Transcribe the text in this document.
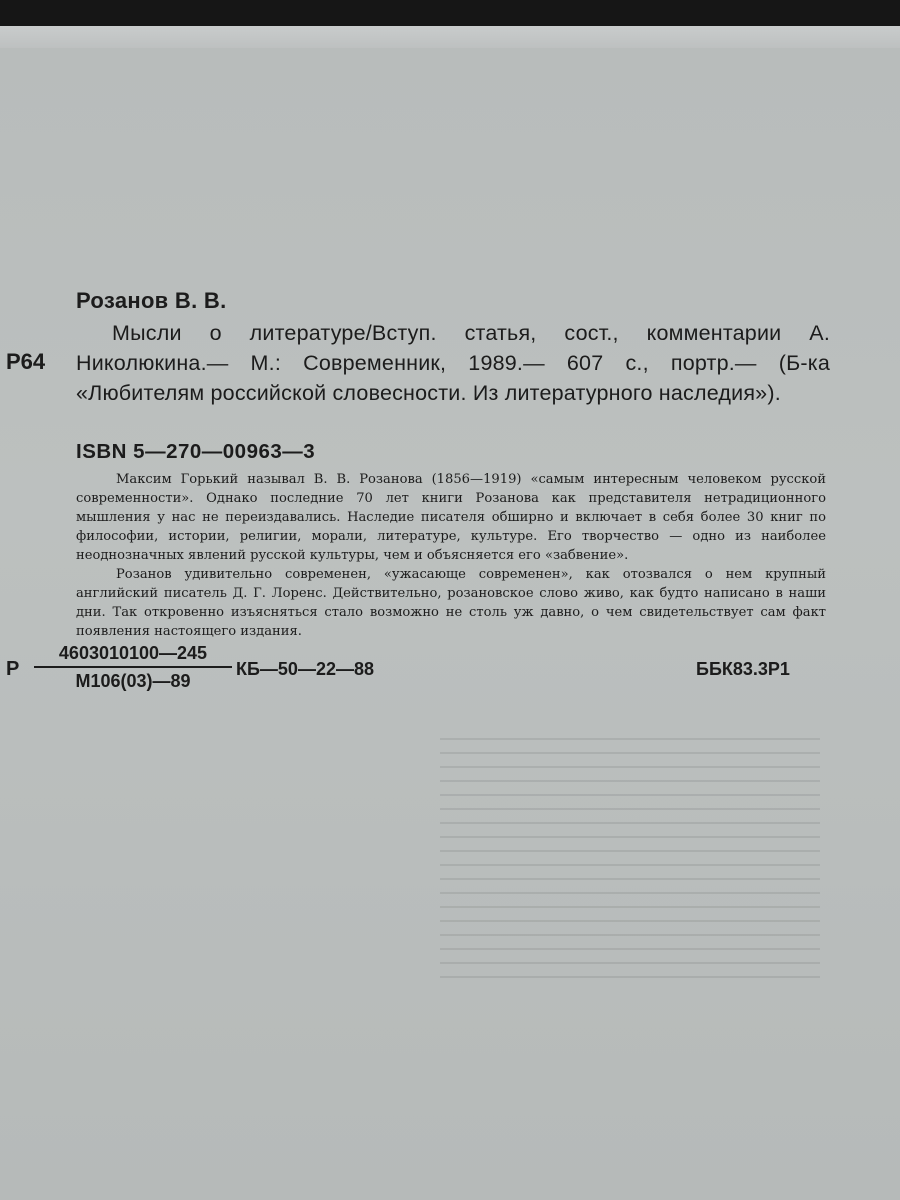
Розанов В. В.
Р64

Мысли о литературе/Вступ. статья, сост., комментарии А. Николюкина.— М.: Современник, 1989.— 607 с., портр.— (Б-ка «Любителям российской словесности. Из литературного наследия»).

ISBN 5—270—00963—3

Максим Горький называл В. В. Розанова (1856—1919) «самым интересным человеком русской современности». Однако последние 70 лет книги Розанова как представителя нетрадиционного мышления у нас не переиздавались. Наследие писателя обширно и включает в себя более 30 книг по философии, истории, религии, морали, литературе, культуре. Его творчество — одно из наиболее неоднозначных явлений русской культуры, чем и объясняется его «забвение».

Розанов удивительно современен, «ужасающе современен», как отозвался о нем крупный английский писатель Д. Г. Лоренс. Действительно, розановское слово живо, как будто написано в наши дни. Так откровенно изъясняться стало возможно не столь уж давно, о чем свидетельствует сам факт появления настоящего издания.

Р
4603010100—245
М106(03)—89
КБ—50—22—88	ББК83.3Р1
